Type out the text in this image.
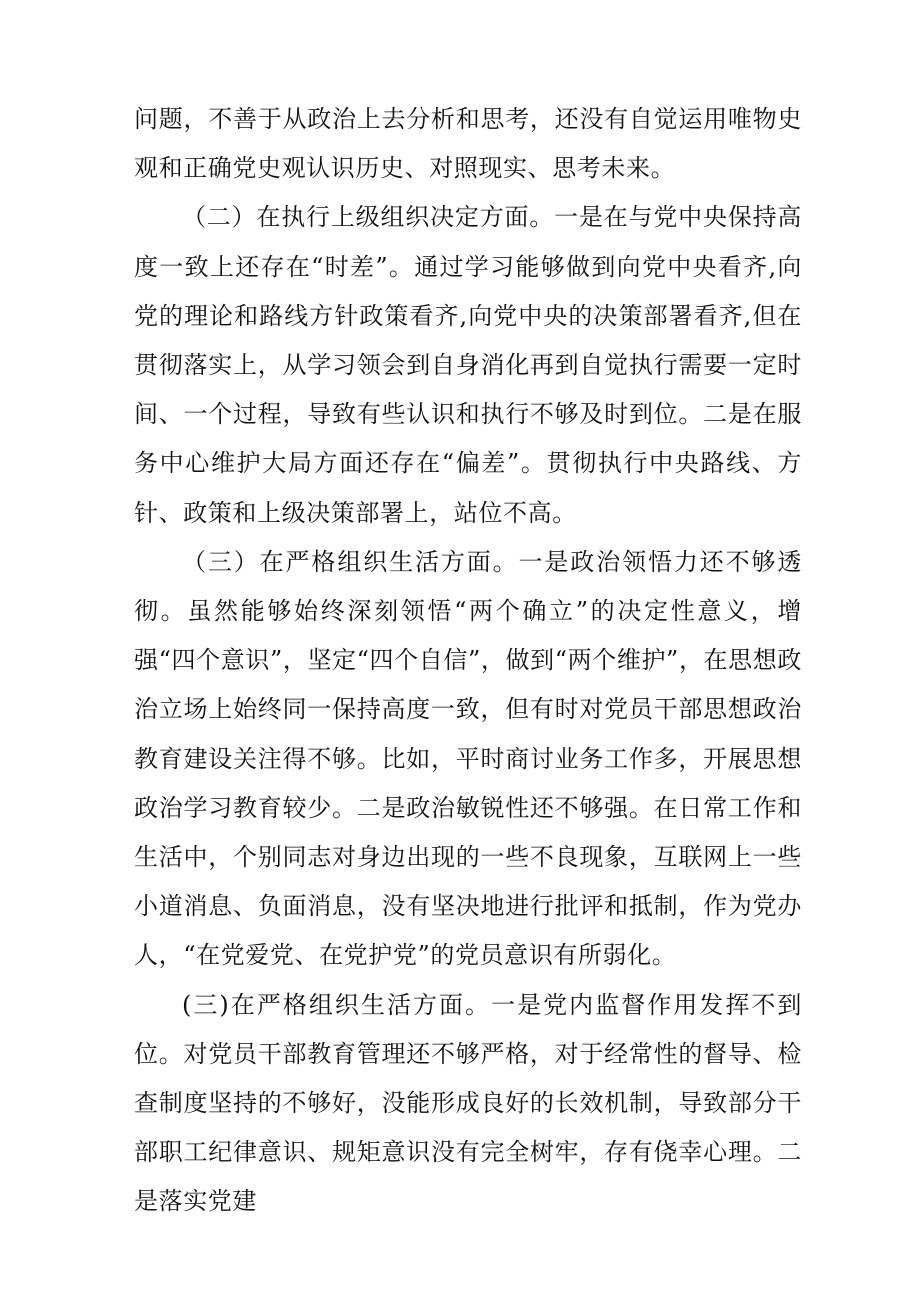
问题，不善于从政治上去分析和思考，还没有自觉运用唯物史观和正确党史观认识历史、对照现实、思考未来。

（二）在执行上级组织决定方面。一是在与党中央保持高度一致上还存在“时差”。通过学习能够做到向党中央看齐,向党的理论和路线方针政策看齐,向党中央的决策部署看齐,但在贯彻落实上，从学习领会到自身消化再到自觉执行需要一定时间、一个过程，导致有些认识和执行不够及时到位。二是在服务中心维护大局方面还存在“偏差”。贯彻执行中央路线、方针、政策和上级决策部署上，站位不高。

（三）在严格组织生活方面。一是政治领悟力还不够透彻。虽然能够始终深刻领悟“两个确立”的决定性意义，增强“四个意识”，坚定“四个自信”，做到“两个维护”，在思想政治立场上始终同一保持高度一致，但有时对党员干部思想政治教育建设关注得不够。比如，平时商讨业务工作多，开展思想政治学习教育较少。二是政治敏锐性还不够强。在日常工作和生活中，个别同志对身边出现的一些不良现象，互联网上一些小道消息、负面消息，没有坚决地进行批评和抵制，作为党办人，“在党爱党、在党护党”的党员意识有所弱化。

(三)在严格组织生活方面。一是党内监督作用发挥不到位。对党员干部教育管理还不够严格，对于经常性的督导、检查制度坚持的不够好，没能形成良好的长效机制，导致部分干部职工纪律意识、规矩意识没有完全树牢，存有侥幸心理。二是落实党建
